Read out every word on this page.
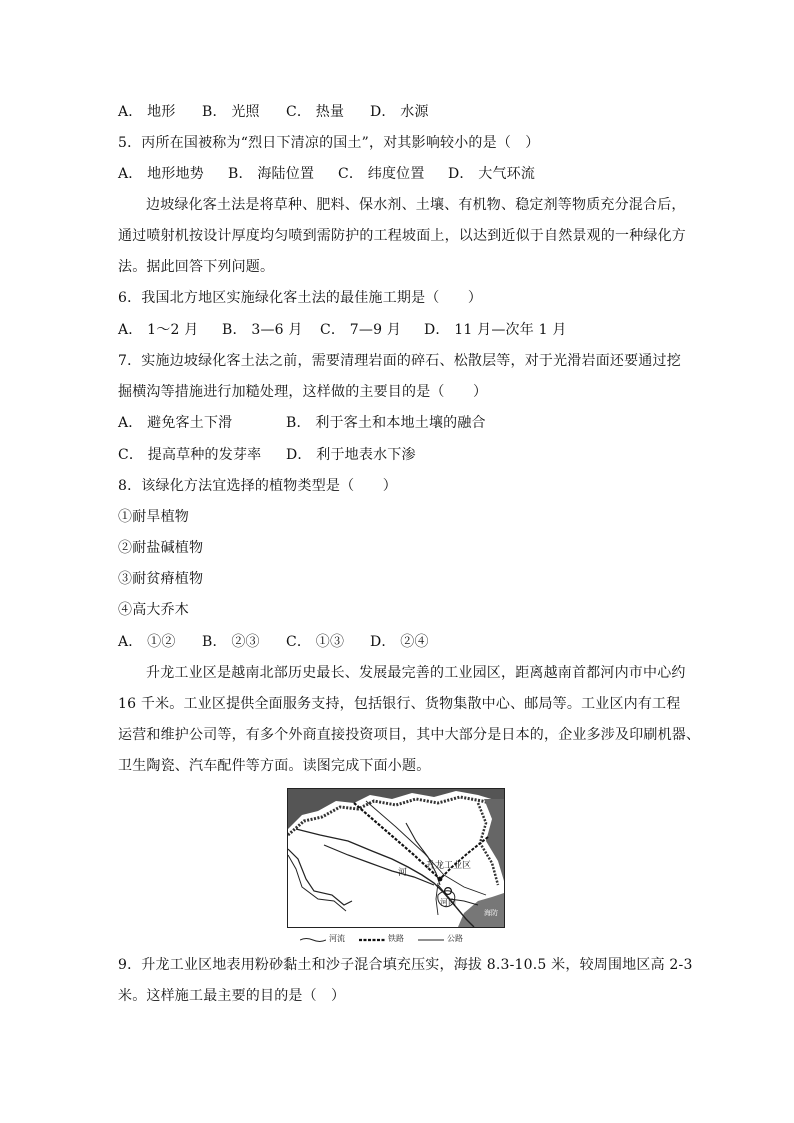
A． 地形 B． 光照 C． 热量 D． 水源
5．丙所在国被称为“烈日下清凉的国土”，对其影响较小的是（　）
A． 地形地势 B． 海陆位置 C． 纬度位置 D． 大气环流
边坡绿化客土法是将草种、肥料、保水剂、土壤、有机物、稳定剂等物质充分混合后，
通过喷射机按设计厚度均匀喷到需防护的工程坡面上，以达到近似于自然景观的一种绿化方
法。据此回答下列问题。
6．我国北方地区实施绿化客土法的最佳施工期是（　　）
A． 1～2 月 B． 3—6 月 C． 7—9 月 D． 11 月—次年 1 月
7．实施边坡绿化客土法之前，需要清理岩面的碎石、松散层等，对于光滑岩面还要通过挖
掘横沟等措施进行加糙处理，这样做的主要目的是（　　）
A． 避免客土下滑	B． 利于客土和本地土壤的融合
C． 提高草种的发芽率 D． 利于地表水下渗
8．该绿化方法宜选择的植物类型是（　　）
①耐旱植物
②耐盐碱植物
③耐贫瘠植物
④高大乔木
A． ①② B． ②③ C． ①③ D． ②④
升龙工业区是越南北部历史最长、发展最完善的工业园区，距离越南首都河内市中心约
16 千米。工业区提供全面服务支持，包括银行、货物集散中心、邮局等。工业区内有工程
运营和维护公司等，有多个外商直接投资项目，其中大部分是日本的，企业多涉及印刷机器、
卫生陶瓷、汽车配件等方面。读图完成下面小题。
升龙工业区
河
河内
海防
河流	铁路	公路
9．升龙工业区地表用粉砂黏土和沙子混合填充压实，海拔 8.3-10.5 米，较周围地区高 2-3
米。这样施工最主要的目的是（　）
